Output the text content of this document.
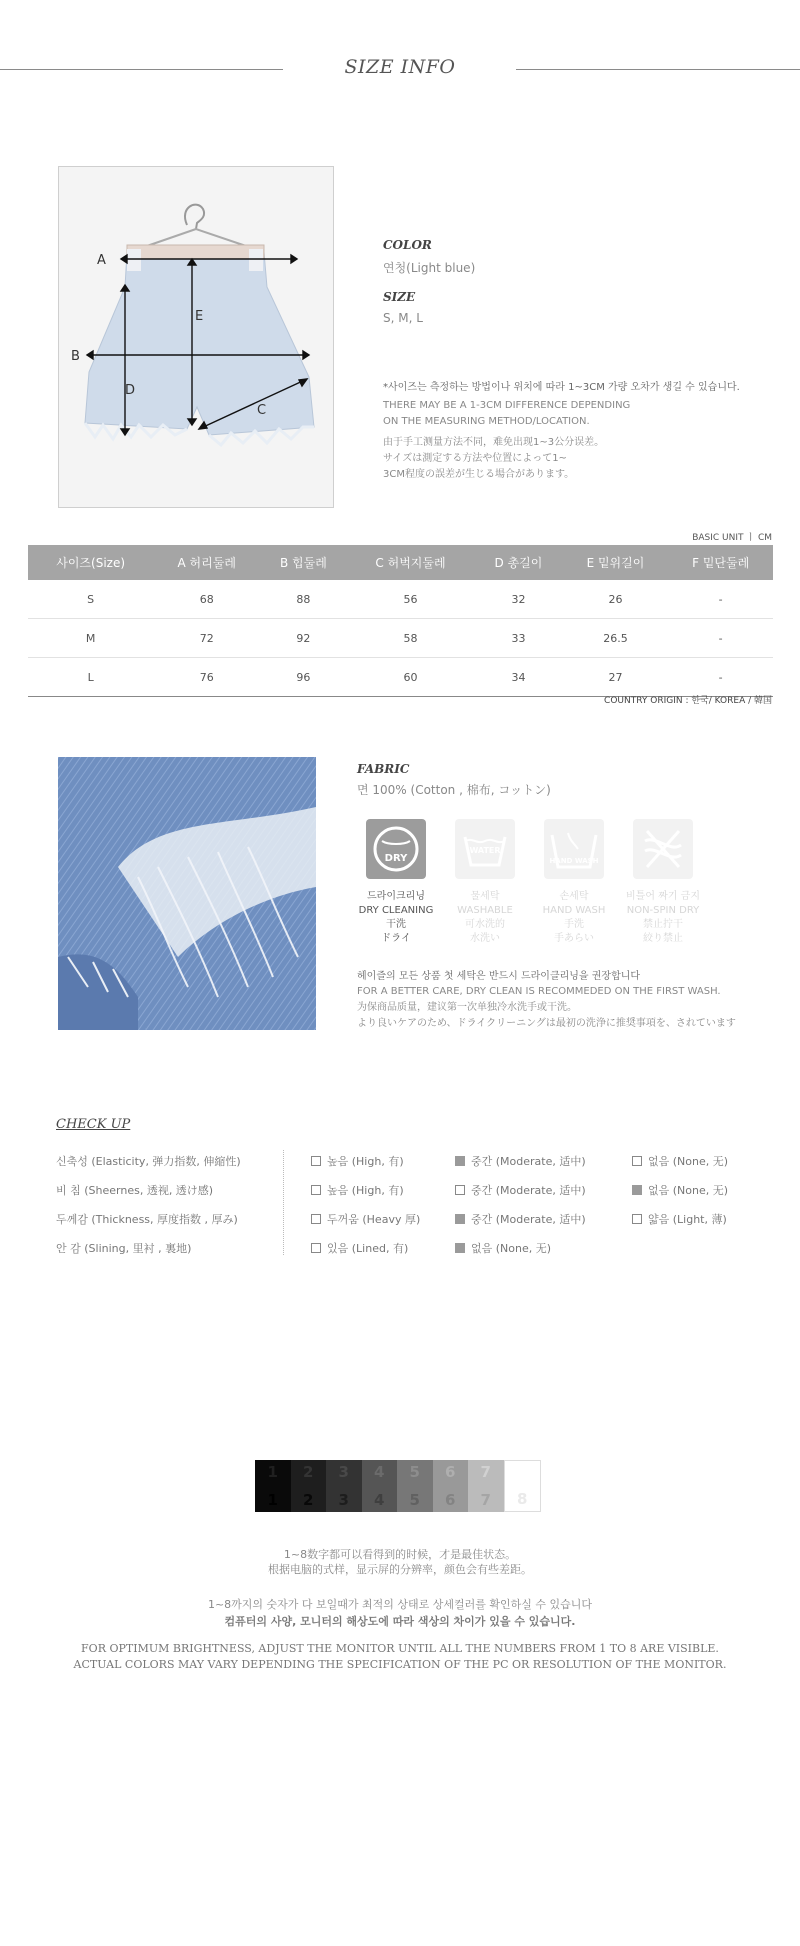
SIZE INFO
A
B
C
D
E
COLOR
연청(Light blue)
SIZE
S, M, L
*사이즈는 측정하는 방법이나 위치에 따라 1~3CM 가량 오차가 생길 수 있습니다.
THERE MAY BE A 1-3CM DIFFERENCE DEPENDING
ON THE MEASURING METHOD/LOCATION.
由于手工测量方法不同，难免出现1~3公分误差。
サイズは測定する方法や位置によって1~
3CM程度の誤差が生じる場合があります。
BASIC UNIT ㅣ CM
사이즈(Size)	A 허리둘레	B 힙둘레	C 허벅지둘레	D 총길이	E 밑위길이	F 밑단둘레
S	68	88	56	32	26	-
M	72	92	58	33	26.5	-
L	76	96	60	34	27	-
COUNTRY ORIGIN : 한국/ KOREA / 韓国
FABRIC
면 100% (Cotton , 棉布, コットン)
DRY
WATER
HAND WASH
드라이크리닝
DRY CLEANING
干洗
ドライ
물세탁
WASHABLE
可水洗的
水洗い
손세탁
HAND WASH
手洗
手あらい
비틀어 짜기 금지
NON-SPIN DRY
禁止拧干
絞り禁止
헤이즐의 모든 상품 첫 세탁은 반드시 드라이클리닝을 권장합니다
FOR A BETTER CARE, DRY CLEAN IS RECOMMEDED ON THE FIRST WASH.
为保商品质量，建议第一次单独冷水洗手或干洗。
より良いケアのため、ドライクリーニングは最初の洗浄に推奨事項を、されています
CHECK UP
신축성 (Elasticity, 弹力指数, 伸縮性)	높음 (High, 有)	중간 (Moderate, 适中)	없음 (None, 无)
비 침 (Sheernes, 透视, 透け感)	높음 (High, 有)	중간 (Moderate, 适中)	없음 (None, 无)
두께감 (Thickness, 厚度指数 , 厚み)	두꺼움 (Heavy 厚)	중간 (Moderate, 适中)	얇음 (Light, 薄)
안 감 (Slining, 里衬 , 裏地)	있음 (Lined, 有)	없음 (None, 无)
1
1
2
2
3
3
4
4
5
5
6
6
7
7
8
8
1~8数字都可以看得到的时候，才是最佳状态。
根据电脑的式样，显示屏的分辨率，颜色会有些差距。
1~8까지의 숫자가 다 보일때가 최적의 상태로 상세컬러를 확인하실 수 있습니다
컴퓨터의 사양, 모니터의 해상도에 따라 색상의 차이가 있을 수 있습니다.
FOR OPTIMUM BRIGHTNESS, ADJUST THE MONITOR UNTIL ALL THE NUMBERS FROM 1 TO 8 ARE VISIBLE.
ACTUAL COLORS MAY VARY DEPENDING THE SPECIFICATION OF THE PC OR RESOLUTION OF THE MONITOR.
